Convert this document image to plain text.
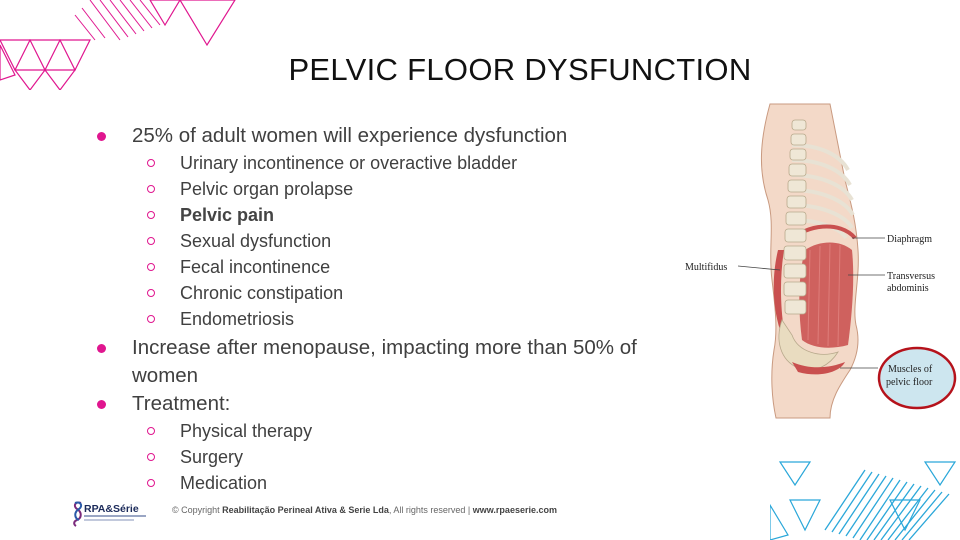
PELVIC FLOOR DYSFUNCTION
25% of adult women will experience dysfunction
Urinary incontinence or overactive bladder
Pelvic organ prolapse
Pelvic pain
Sexual dysfunction
Fecal incontinence
Chronic constipation
Endometriosis
Increase after menopause, impacting more than 50% of women
Treatment:
Physical therapy
Surgery
Medication
Diaphragm
Multifidus
Transversus
abdominis
Muscles of
pelvic floor
RPA&Série	© Copyright Reabilitação Perineal Ativa & Serie Lda, All rights reserved | www.rpaeserie.com
